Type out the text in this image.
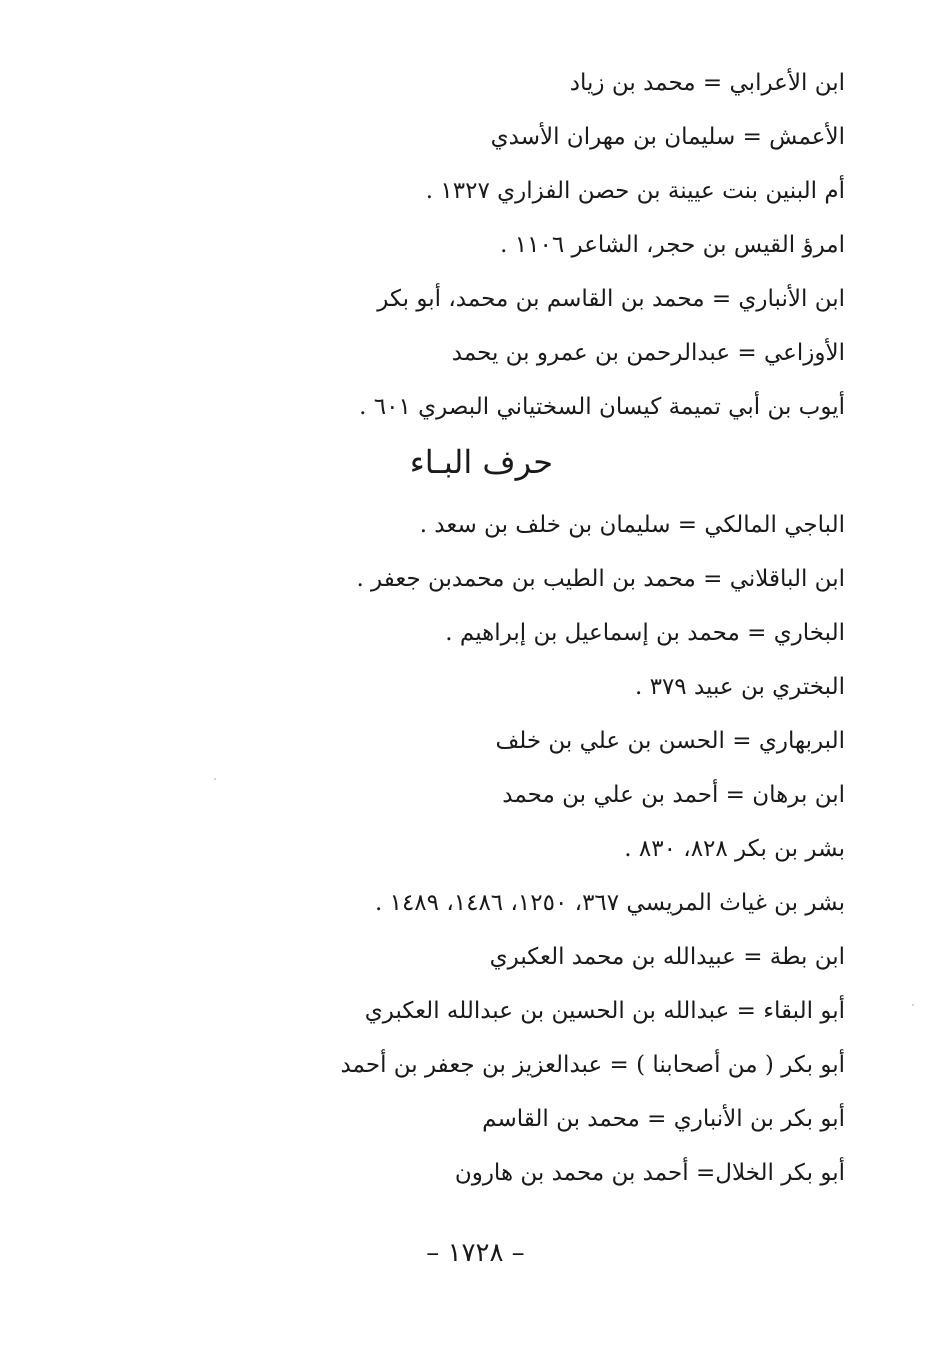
ابن الأعرابي = محمد بن زياد
الأعمش = سليمان بن مهران الأسدي
أم البنين بنت عيينة بن حصن الفزاري ١٣٢٧ .
امرؤ القيس بن حجر، الشاعر ١١٠٦ .
ابن الأنباري = محمد بن القاسم بن محمد، أبو بكر
الأوزاعي = عبدالرحمن بن عمرو بن يحمد
أيوب بن أبي تميمة كيسان السختياني البصري ٦٠١ .
حرف البـاء
الباجي المالكي = سليمان بن خلف بن سعد .
ابن الباقلاني = محمد بن الطيب بن محمدبن جعفر .
البخاري = محمد بن إسماعيل بن إبراهيم .
البختري بن عبيد ٣٧٩ .
البربهاري = الحسن بن علي بن خلف
ابن برهان = أحمد بن علي بن محمد
بشر بن بكر ٨٢٨، ٨٣٠ .
بشر بن غياث المريسي ٣٦٧، ١٢٥٠، ١٤٨٦، ١٤٨٩ .
ابن بطة = عبيدالله بن محمد العكبري
أبو البقاء = عبدالله بن الحسين بن عبدالله العكبري
أبو بكر ( من أصحابنا ) = عبدالعزيز بن جعفر بن أحمد
أبو بكر بن الأنباري = محمد بن القاسم
أبو بكر الخلال= أحمد بن محمد بن هارون
– ١٧٢٨ –
